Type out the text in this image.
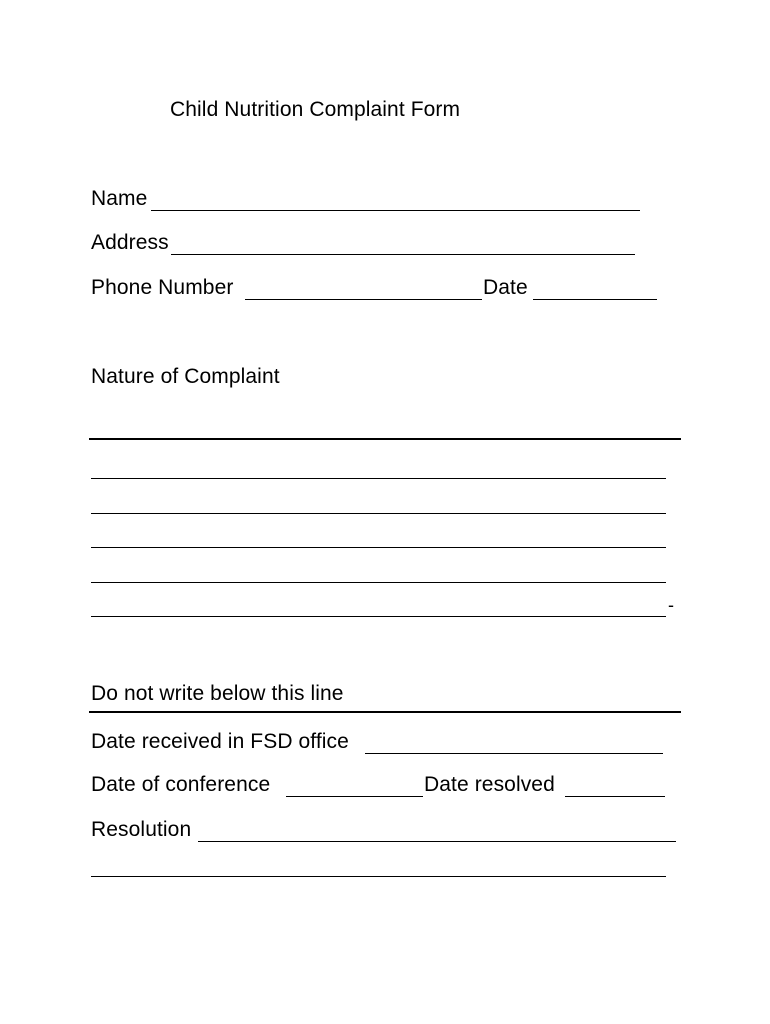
Child Nutrition Complaint Form
Name
Address
Phone Number	Date
Nature of Complaint
-
Do not write below this line
Date received in FSD office
Date of conference	Date resolved
Resolution
